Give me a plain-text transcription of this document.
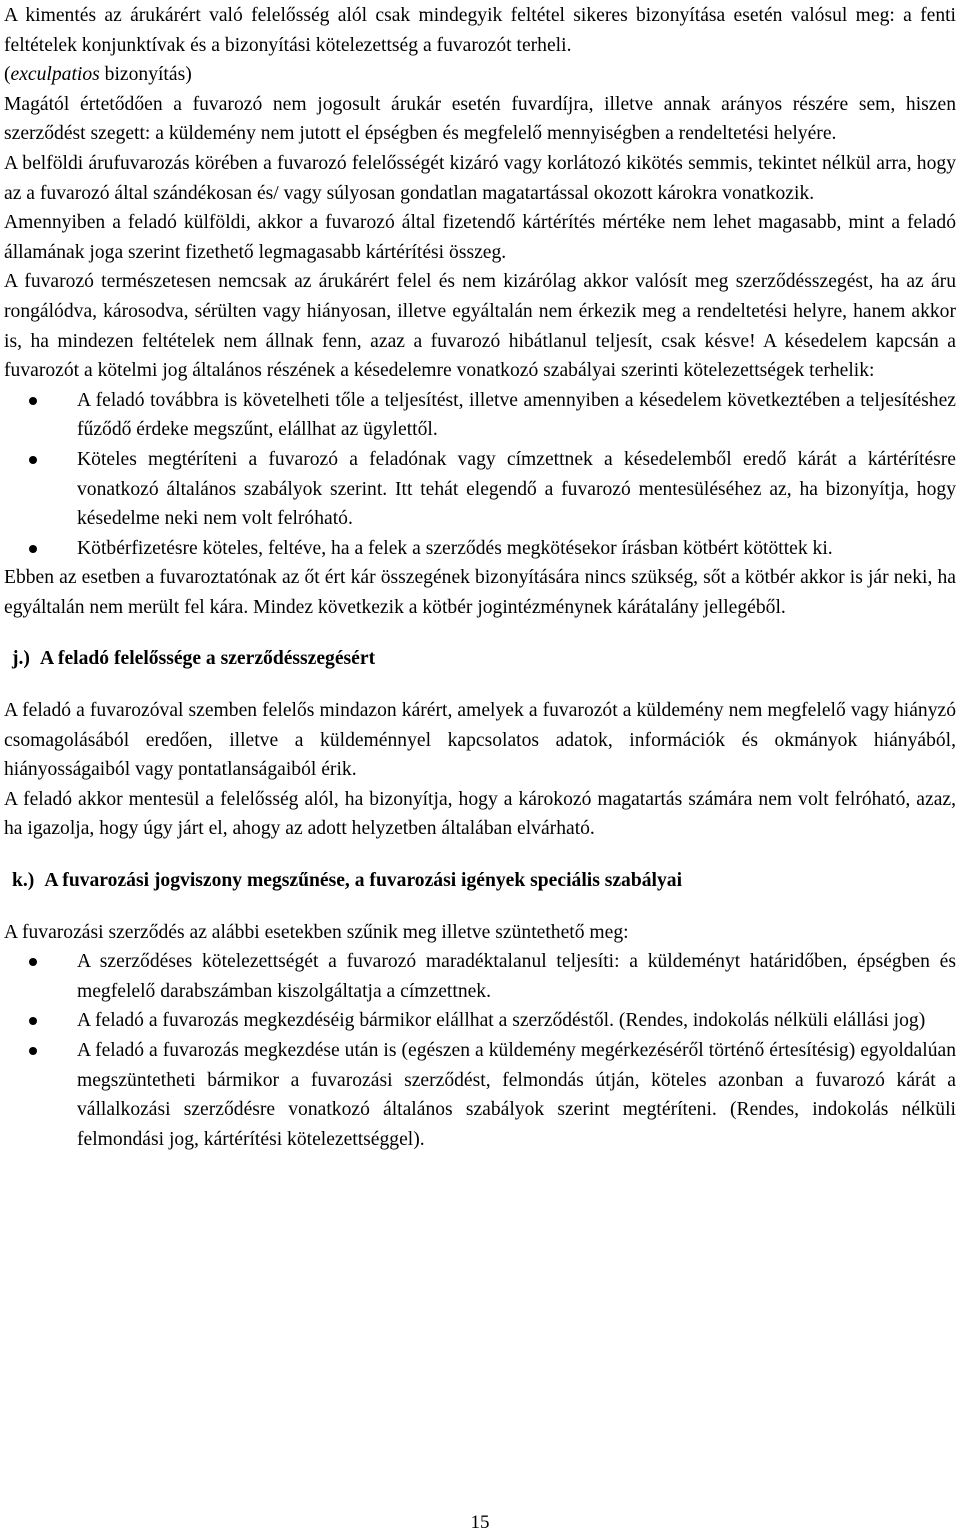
A kimentés az árukárért való felelősség alól csak mindegyik feltétel sikeres bizonyítása esetén valósul meg: a fenti feltételek konjunktívak és a bizonyítási kötelezettség a fuvarozót terheli.

(exculpatios bizonyítás)

Magától értetődően a fuvarozó nem jogosult árukár esetén fuvardíjra, illetve annak arányos részére sem, hiszen szerződést szegett: a küldemény nem jutott el épségben és megfelelő mennyiségben a rendeltetési helyére.

A belföldi árufuvarozás körében a fuvarozó felelősségét kizáró vagy korlátozó kikötés semmis, tekintet nélkül arra, hogy az a fuvarozó által szándékosan és/ vagy súlyosan gondatlan magatartással okozott károkra vonatkozik.

Amennyiben a feladó külföldi, akkor a fuvarozó által fizetendő kártérítés mértéke nem lehet magasabb, mint a feladó államának joga szerint fizethető legmagasabb kártérítési összeg.

A fuvarozó természetesen nemcsak az árukárért felel és nem kizárólag akkor valósít meg szerződésszegést, ha az áru rongálódva, károsodva, sérülten vagy hiányosan, illetve egyáltalán nem érkezik meg a rendeltetési helyre, hanem akkor is, ha mindezen feltételek nem állnak fenn, azaz a fuvarozó hibátlanul teljesít, csak késve! A késedelem kapcsán a fuvarozót a kötelmi jog általános részének a késedelemre vonatkozó szabályai szerinti kötelezettségek terhelik:

A feladó továbbra is követelheti tőle a teljesítést, illetve amennyiben a késedelem következtében a teljesítéshez fűződő érdeke megszűnt, elállhat az ügylettől.
Köteles megtéríteni a fuvarozó a feladónak vagy címzettnek a késedelemből eredő kárát a kártérítésre vonatkozó általános szabályok szerint. Itt tehát elegendő a fuvarozó mentesüléséhez az, ha bizonyítja, hogy késedelme neki nem volt felróható.
Kötbérfizetésre köteles, feltéve, ha a felek a szerződés megkötésekor írásban kötbért kötöttek ki.

Ebben az esetben a fuvaroztatónak az őt ért kár összegének bizonyítására nincs szükség, sőt a kötbér akkor is jár neki, ha egyáltalán nem merült fel kára. Mindez következik a kötbér jogintézménynek kárátalány jellegéből.

j.) A feladó felelőssége a szerződésszegésért

A feladó a fuvarozóval szemben felelős mindazon kárért, amelyek a fuvarozót a küldemény nem megfelelő vagy hiányzó csomagolásából eredően, illetve a küldeménnyel kapcsolatos adatok, információk és okmányok hiányából, hiányosságaiból vagy pontatlanságaiból érik.

A feladó akkor mentesül a felelősség alól, ha bizonyítja, hogy a károkozó magatartás számára nem volt felróható, azaz, ha igazolja, hogy úgy járt el, ahogy az adott helyzetben általában elvárható.

k.) A fuvarozási jogviszony megszűnése, a fuvarozási igények speciális szabályai

A fuvarozási szerződés az alábbi esetekben szűnik meg illetve szüntethető meg:

A szerződéses kötelezettségét a fuvarozó maradéktalanul teljesíti: a küldeményt határidőben, épségben és megfelelő darabszámban kiszolgáltatja a címzettnek.
A feladó a fuvarozás megkezdéséig bármikor elállhat a szerződéstől. (Rendes, indokolás nélküli elállási jog)
A feladó a fuvarozás megkezdése után is (egészen a küldemény megérkezéséről történő értesítésig) egyoldalúan megszüntetheti bármikor a fuvarozási szerződést, felmondás útján, köteles azonban a fuvarozó kárát a vállalkozási szerződésre vonatkozó általános szabályok szerint megtéríteni. (Rendes, indokolás nélküli felmondási jog, kártérítési kötelezettséggel).
15
